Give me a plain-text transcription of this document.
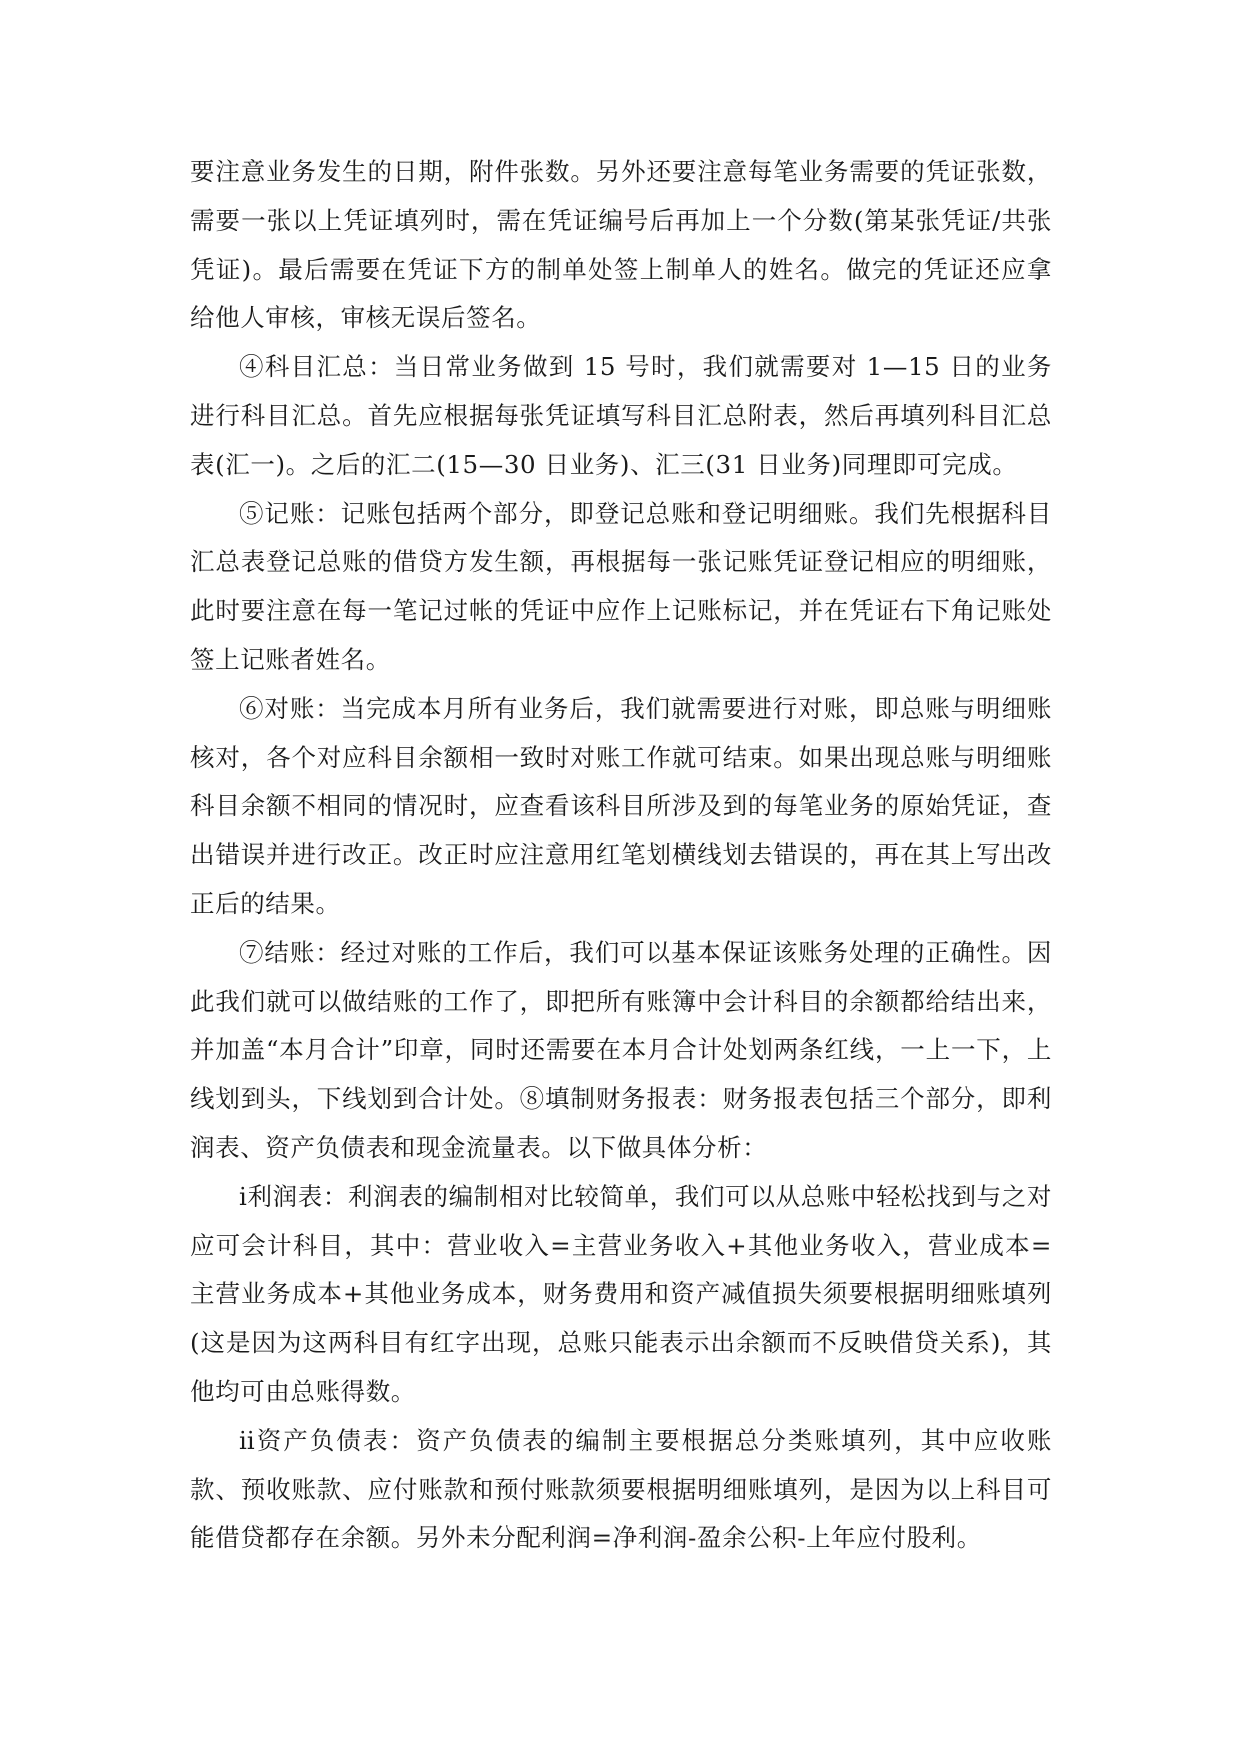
要注意业务发生的日期，附件张数。另外还要注意每笔业务需要的凭证张数，需要一张以上凭证填列时，需在凭证编号后再加上一个分数(第某张凭证/共张凭证)。最后需要在凭证下方的制单处签上制单人的姓名。做完的凭证还应拿给他人审核，审核无误后签名。

④科目汇总：当日常业务做到 15 号时，我们就需要对 1—15 日的业务进行科目汇总。首先应根据每张凭证填写科目汇总附表，然后再填列科目汇总表(汇一)。之后的汇二(15—30 日业务)、汇三(31 日业务)同理即可完成。

⑤记账：记账包括两个部分，即登记总账和登记明细账。我们先根据科目汇总表登记总账的借贷方发生额，再根据每一张记账凭证登记相应的明细账，此时要注意在每一笔记过帐的凭证中应作上记账标记，并在凭证右下角记账处签上记账者姓名。

⑥对账：当完成本月所有业务后，我们就需要进行对账，即总账与明细账核对，各个对应科目余额相一致时对账工作就可结束。如果出现总账与明细账科目余额不相同的情况时，应查看该科目所涉及到的每笔业务的原始凭证，查出错误并进行改正。改正时应注意用红笔划横线划去错误的，再在其上写出改正后的结果。

⑦结账：经过对账的工作后，我们可以基本保证该账务处理的正确性。因此我们就可以做结账的工作了，即把所有账簿中会计科目的余额都给结出来，并加盖“本月合计”印章，同时还需要在本月合计处划两条红线，一上一下，上线划到头，下线划到合计处。⑧填制财务报表：财务报表包括三个部分，即利润表、资产负债表和现金流量表。以下做具体分析：

ⅰ利润表：利润表的编制相对比较简单，我们可以从总账中轻松找到与之对应可会计科目，其中：营业收入=主营业务收入+其他业务收入，营业成本=主营业务成本+其他业务成本，财务费用和资产减值损失须要根据明细账填列(这是因为这两科目有红字出现，总账只能表示出余额而不反映借贷关系)，其他均可由总账得数。

ⅱ资产负债表：资产负债表的编制主要根据总分类账填列，其中应收账款、预收账款、应付账款和预付账款须要根据明细账填列，是因为以上科目可能借贷都存在余额。另外未分配利润=净利润-盈余公积-上年应付股利。
